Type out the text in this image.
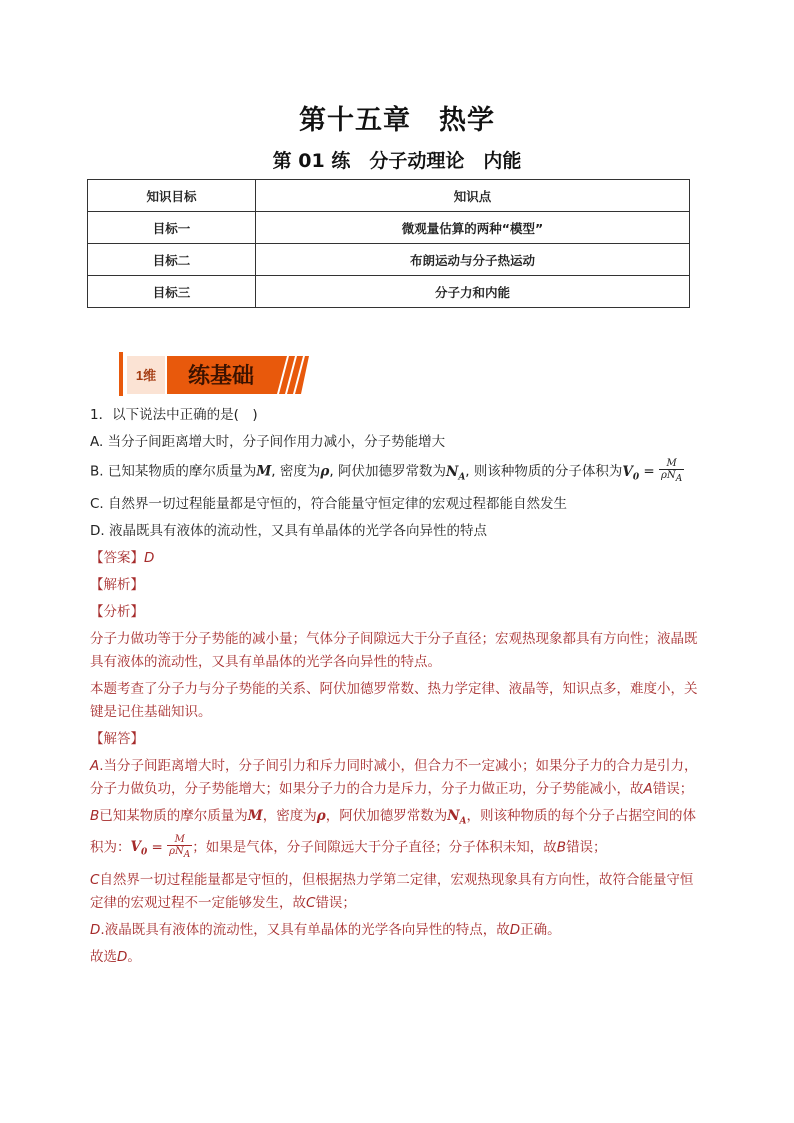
第十五章　热学
第 01 练　分子动理论　内能
知识目标	知识点
目标一	微观量估算的两种“模型”
目标二	布朗运动与分子热运动
目标三	分子力和内能
1维 练基础

1．以下说法中正确的是(　)

A. 当分子间距离增大时，分子间作用力减小，分子势能增大

B. 已知某物质的摩尔质量为M, 密度为ρ, 阿伏加德罗常数为$N_A$, 则该种物质的分子体积为$V_0 = \frac{M}{\text{ρNA}}$

C. 自然界一切过程能量都是守恒的，符合能量守恒定律的宏观过程都能自然发生

D. 液晶既具有液体的流动性，又具有单晶体的光学各向异性的特点

【答案】D

【解析】

【分析】

分子力做功等于分子势能的减小量；气体分子间隙远大于分子直径；宏观热现象都具有方向性；液晶既具有液体的流动性，又具有单晶体的光学各向异性的特点。

本题考查了分子力与分子势能的关系、阿伏加德罗常数、热力学定律、液晶等，知识点多，难度小，关键是记住基础知识。

【解答】

A.当分子间距离增大时，分子间引力和斥力同时减小，但合力不一定减小；如果分子力的合力是引力，分子力做负功，分子势能增大；如果分子力的合力是斥力，分子力做正功，分子势能减小，故A错误；

B已知某物质的摩尔质量为M，密度为ρ，阿伏加德罗常数为$N_A$，则该种物质的每个分子占据空间的体积为：$V_0 = \frac{M}{\text{ρNA}}$ ；如果是气体，分子间隙远大于分子直径；分子体积未知，故B错误；

C自然界一切过程能量都是守恒的，但根据热力学第二定律，宏观热现象具有方向性，故符合能量守恒定律的宏观过程不一定能够发生，故C错误；

D.液晶既具有液体的流动性，又具有单晶体的光学各向异性的特点，故D正确。

故选D。
